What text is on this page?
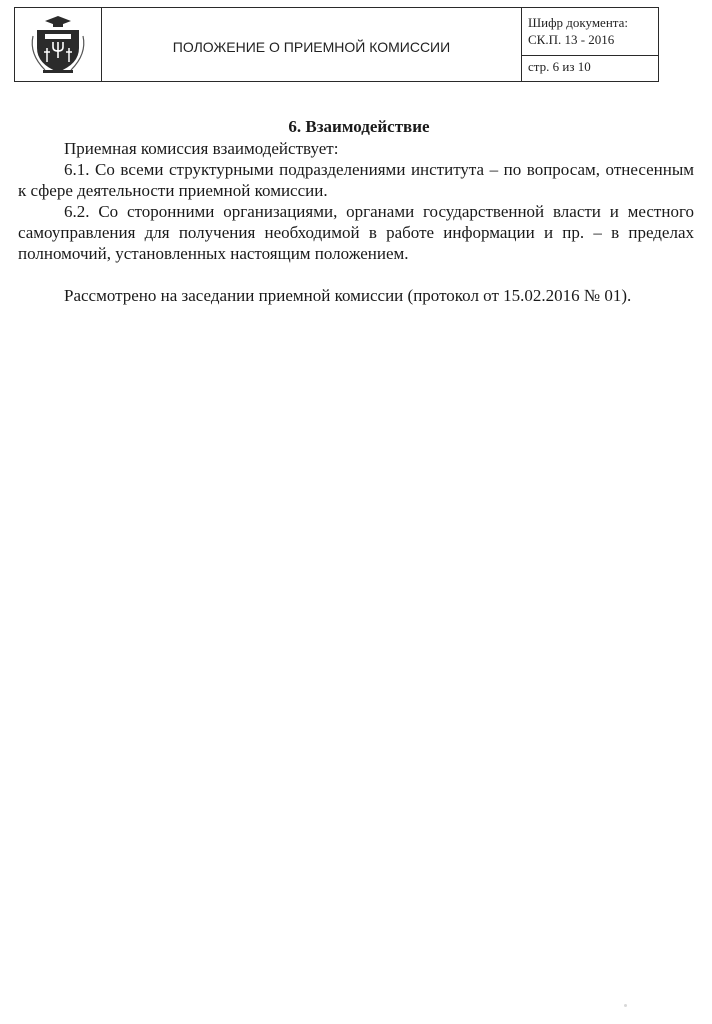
ПОЛОЖЕНИЕ О ПРИЕМНОЙ КОМИССИИ
Шифр документа:
СК.П. 13 - 2016
стр. 6 из 10
6. Взаимодействие

Приемная комиссия взаимодействует:

6.1. Со всеми структурными подразделениями института – по вопросам, отнесенным к сфере деятельности приемной комиссии.

6.2. Со сторонними организациями, органами государственной власти и местного самоуправления для получения необходимой в работе информации и пр. – в пределах полномочий, установленных настоящим положением.

Рассмотрено на заседании приемной комиссии (протокол от 15.02.2016 № 01).
